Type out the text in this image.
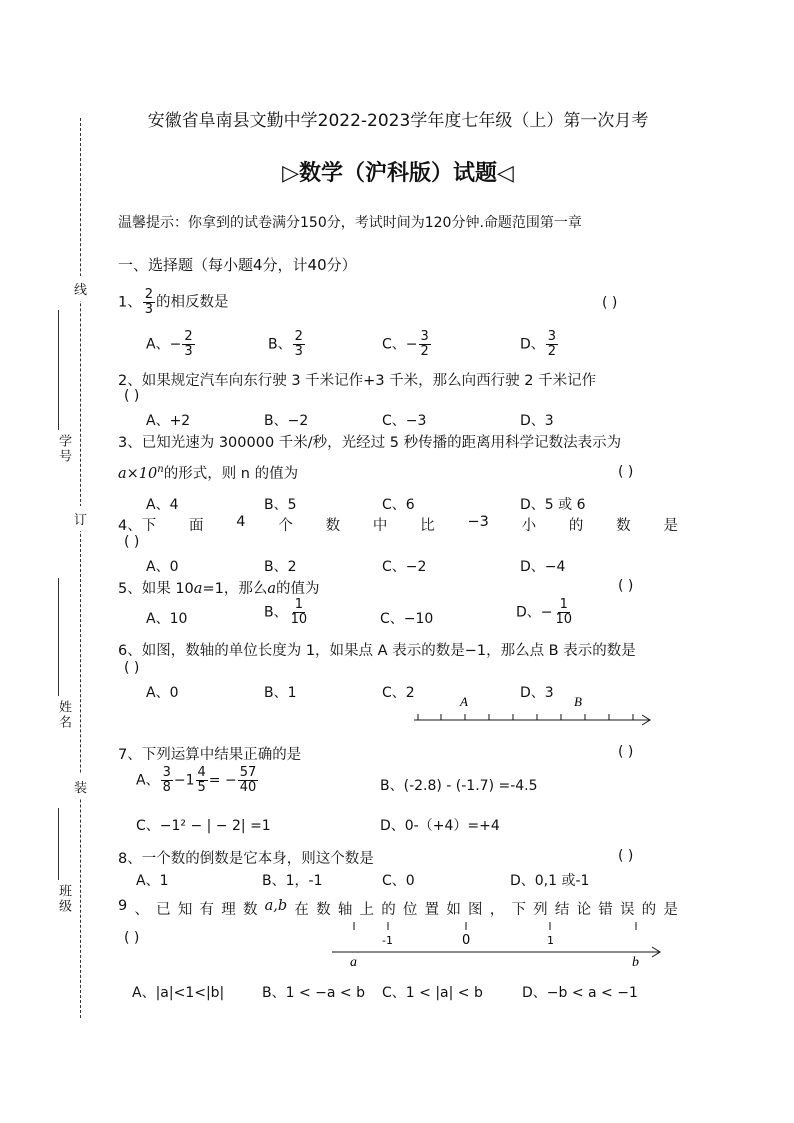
线
订
装
学号
姓名
班级
安徽省阜南县文勤中学2022-2023学年度七年级（上）第一次月考
▷数学（沪科版）试题◁
温馨提示：你拿到的试卷满分150分，考试时间为120分钟.命题范围第一章
一、选择题（每小题4分，计40分）
1、 $\frac{2}{3}$ 的相反数是	( )
A、− $\frac{2}{3}$	B、 $\frac{2}{3}$	C、− $\frac{3}{2}$	D、 $\frac{3}{2}$
2、如果规定汽车向东行驶 3 千米记作+3 千米，那么向西行驶 2 千米记作
( )
A、+2	B、−2	C、−3	D、3
3、已知光速为 300000 千米/秒，光经过 5 秒传播的距离用科学记数法表示为
$a\times 10^n$的形式，则 n 的值为	( )
A、4	B、5	C、6	D、5 或 6
4、下 面 4 个 数 中 比 −3 小 的 数 是
( )
A、0	B、2	C、−2	D、−4
5、如果 10a=1，那么a的值为	( )
A、10	B、 $\frac{1}{10}$	C、−10	D、− $\frac{1}{10}$
6、如图，数轴的单位长度为 1，如果点 A 表示的数是−1，那么点 B 表示的数是
( )
A、0	B、1	C、2	D、3
A	B
7、下列运算中结果正确的是	( )
A、 $\frac{3}{8} -1 \frac{4}{5}$ = − $\frac{57}{40}$	B、(-2.8) - (-1.7) =-4.5
C、−1² − | − 2| =1	D、0-（+4）=+4
8、一个数的倒数是它本身，则这个数是	( )
A、1	B、1，-1	C、0	D、0,1 或-1
9 、 已 知 有 理 数 a,b 在 数 轴 上 的 位 置 如 图 ， 下 列 结 论 错 误 的 是
( )	-1	0	1
a	b
A、|a|<1<|b|	B、1 < −a < b C、1 < |a| < b	D、−b < a < −1
